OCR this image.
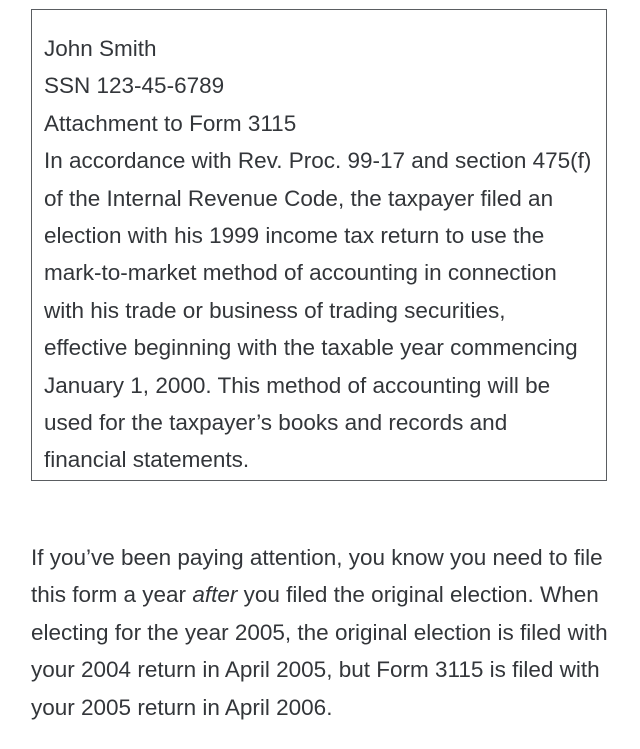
John Smith
SSN 123-45-6789
Attachment to Form 3115
In accordance with Rev. Proc. 99-17 and section 475(f) of the Internal Revenue Code, the taxpayer filed an election with his 1999 income tax return to use the mark-to-market method of accounting in connection with his trade or business of trading securities, effective beginning with the taxable year commencing January 1, 2000. This method of accounting will be used for the taxpayer’s books and records and financial statements.

If you’ve been paying attention, you know you need to file this form a year after you filed the original election. When electing for the year 2005, the original election is filed with your 2004 return in April 2005, but Form 3115 is filed with your 2005 return in April 2006.
